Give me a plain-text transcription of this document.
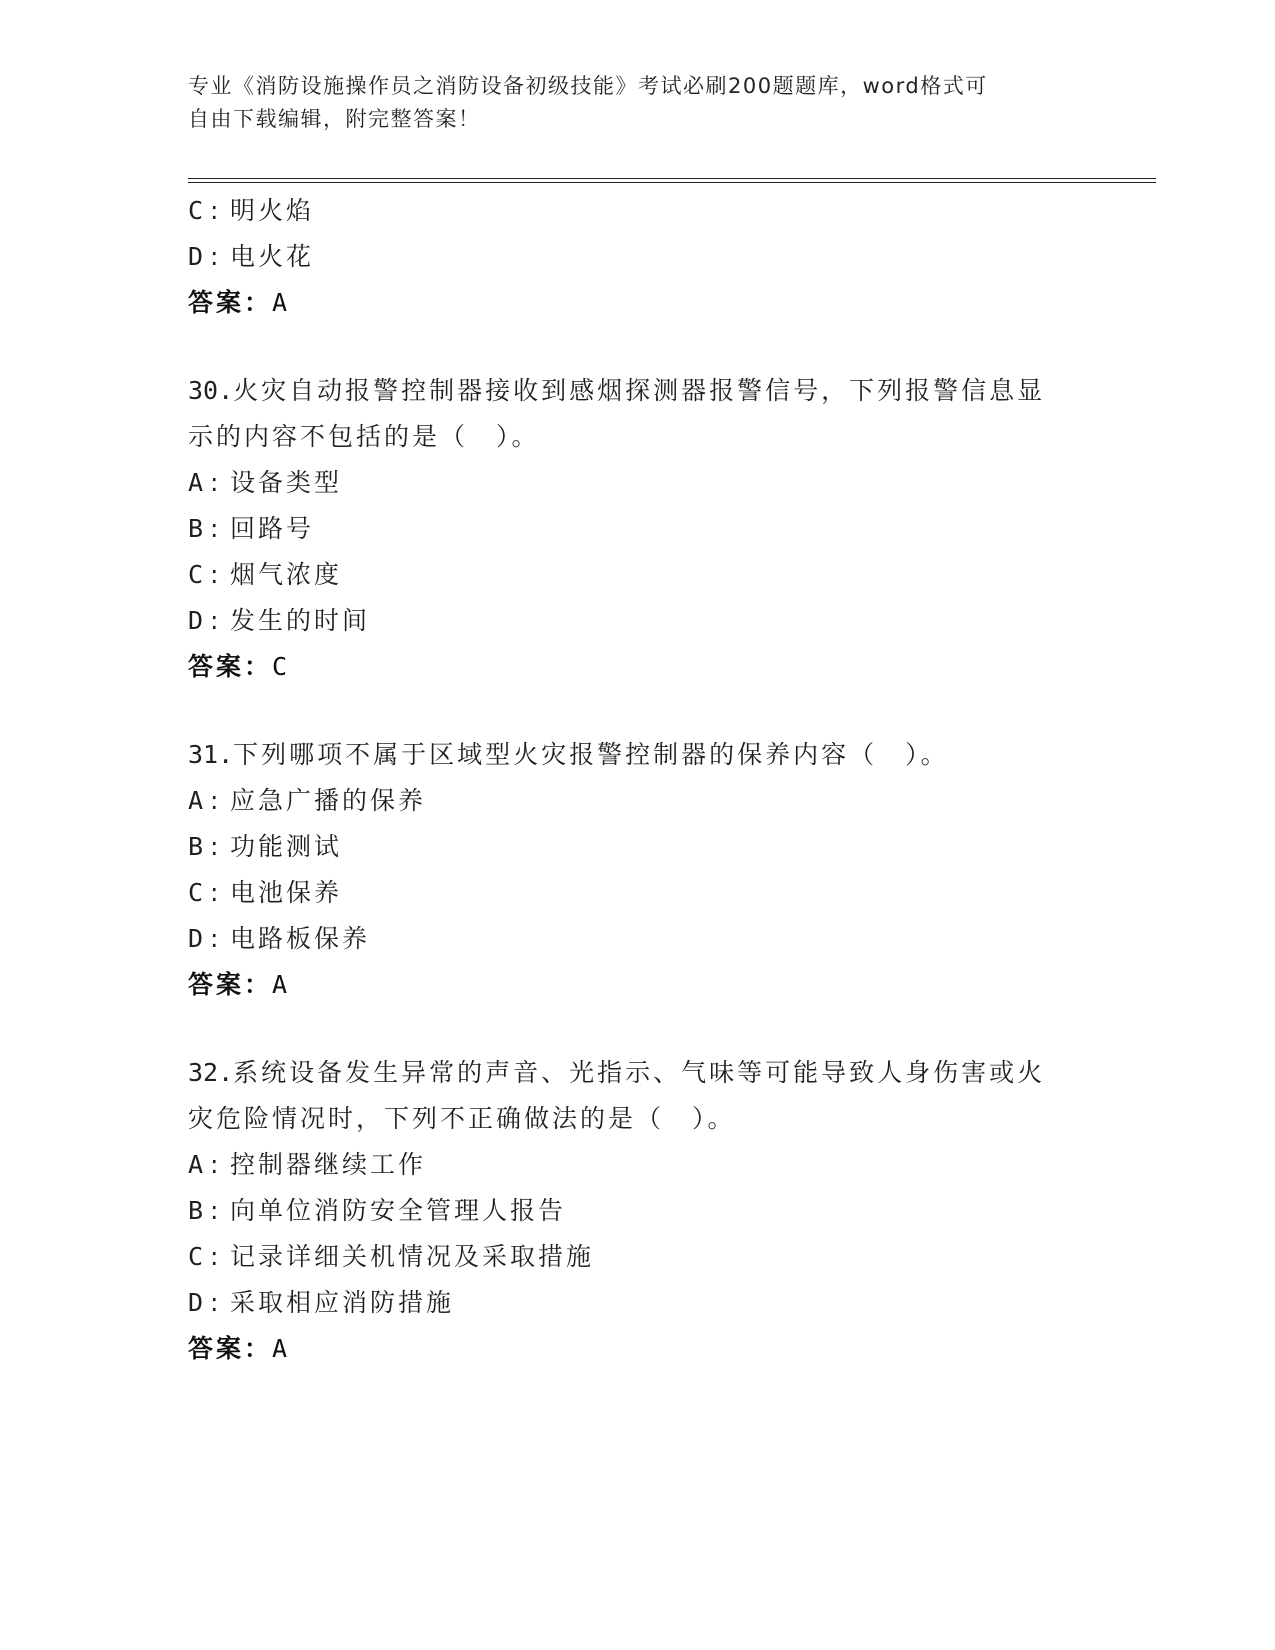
专业《消防设施操作员之消防设备初级技能》考试必刷200题题库，word格式可
自由下载编辑，附完整答案！
C : 明火焰
D : 电火花
答案：A
30.火灾自动报警控制器接收到感烟探测器报警信号，下列报警信息显
示的内容不包括的是（　）。
A : 设备类型
B : 回路号
C : 烟气浓度
D : 发生的时间
答案：C
31.下列哪项不属于区域型火灾报警控制器的保养内容（　）。
A : 应急广播的保养
B : 功能测试
C : 电池保养
D : 电路板保养
答案：A
32.系统设备发生异常的声音、光指示、气味等可能导致人身伤害或火
灾危险情况时，下列不正确做法的是（　）。
A : 控制器继续工作
B : 向单位消防安全管理人报告
C : 记录详细关机情况及采取措施
D : 采取相应消防措施
答案：A
